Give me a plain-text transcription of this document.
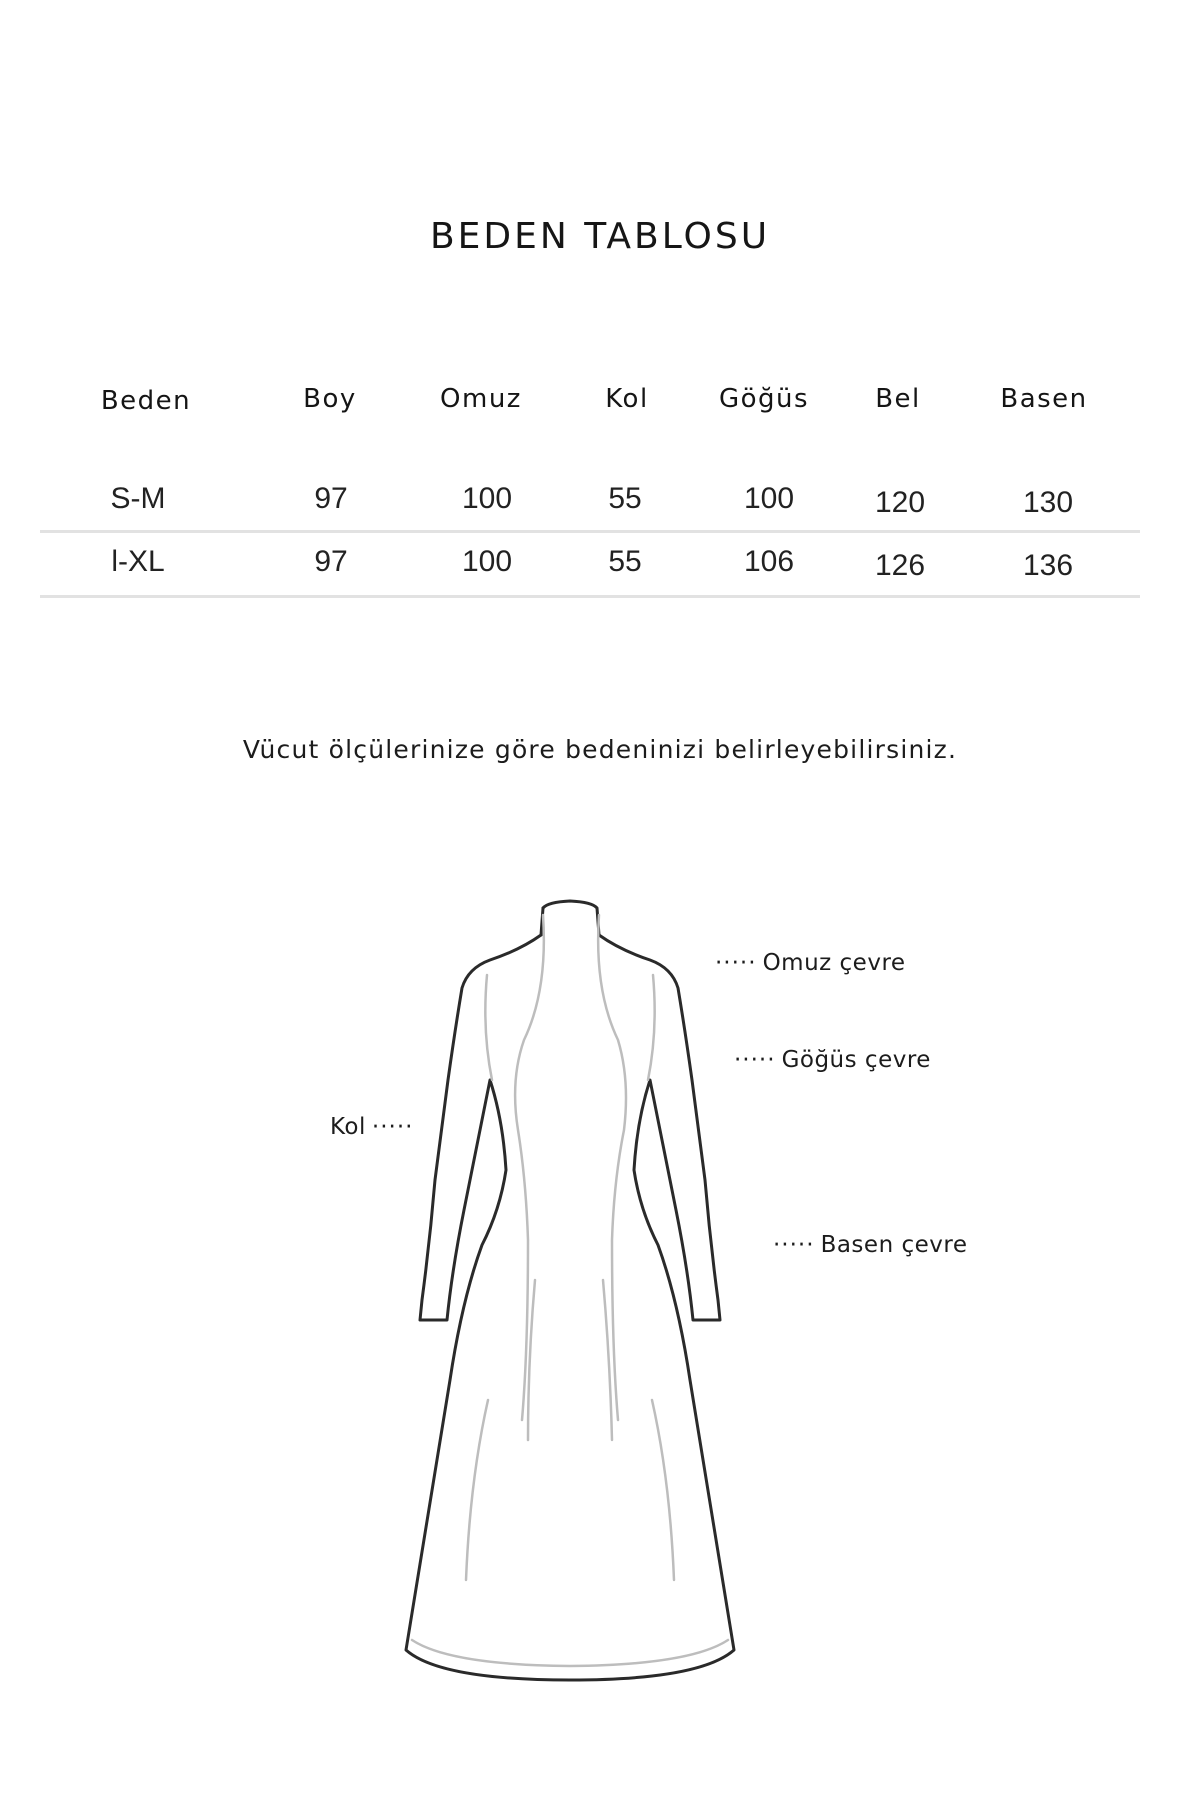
BEDEN TABLOSU
Beden	Boy	Omuz	Kol	Göğüs	Bel	Basen
S-M	97	100	55	100	120	130
l-XL	97	100	55	106	126	136
Vücut ölçülerinize göre bedeninizi belirleyebilirsiniz.
····· Omuz çevre
····· Göğüs çevre
Kol ·····
····· Basen çevre
